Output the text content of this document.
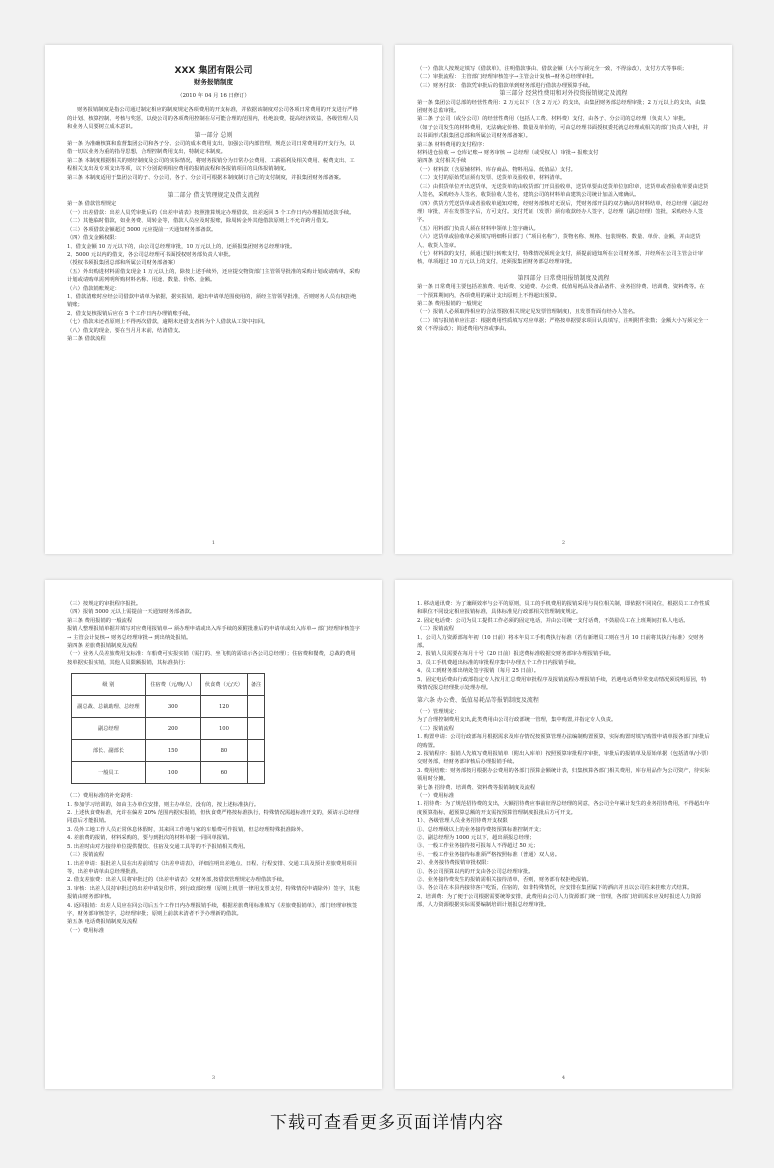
XXX 集团有限公司

财务报销制度

（2010 年 04 月 16 日修订）

财务报销制度是指公司通过制定相应的制度规定各项费用的开支标准，并依据该制度对公司各项日常费用的开支进行严格的计划、核算控制、考核与奖惩，以使公司的各项费用控制在尽可能合理的范围内，杜绝浪费，提高经济效益，各级管理人员和业务人员要树立成本意识。

第一部分 总则

第一条 为准确核算和监督集团公司和各子分、公司的成本费用支出，加强公司内部管理，规范公司日常费用的开支行为，以借一切以业务为重的指导思想，合理控制费用支出，特制定本制度。

第二条 本制度根据相关的财经制度及公司的实际情况，将财务报销分为日常办公费用、工薪福利及相关费用、税费支出、工程相关支出及专项支出等项，以下分别说明相应费用的报销流程和各报销项目的具体报销制度。

第三条 本制度适用于集团公司的子、分公司，各子、分公司可根据本制度制订自己的支付制度，并报集团财务部备案。

第二部分 借支管理规定及借支流程

第一条 借款管理规定

（一）出差借款：出差人员凭审批后的《出差申请表》按照推算规定办理借款，出差返回 5 个工作日内办理报销还款手续。

（二）其他临时借款，如业务费、周转金等，借款人员应及时报账，除周转金外其他借款原则上不允许跨月借支。

（三）各项借款金额超过 5000 元应提前一天通知财务部备款。

（四）借支金额权限：

1、借支金额 10 万元以下的，由公司总经理审批，10 万元以上的，还须报集团财务总经理审批。

2、5000 元以内的借支，各公司总经理可书面授权财务部负责人审批。

（授权书须报集团总部和所属公司财务部备案）

（五）外出购进材料需借支现金 1 万元以上的，除按上述手续外，还应提交物资部门主管领导批准的采购计划或请购单，采购计划或请购单需列明所购材料名称、用途、数量、价格、金额。

（六）借款销账规定：

1、借款清账时应经公司借款申请单为依据，据实报销，超出申请单范围使用的，须经主管领导批准，否则财务人员有权拒绝销账；

2、借支复核报销后应在 5 个工作日内办理销账手续。

（七）借款未还者原则上不得再次借款，逾期未还借支者转为个人借款从工资中扣回。

（八）借支的现金，要在当月月末前，结清借支。

第二条 借款流程

1

（一）借款人按规定填写《借款单》，注明借款事由、借款金额（大小写须完全一致，不得涂改），支付方式等事项；

（二）审批流程： 主管部门经理审核签字→主管会计复核→财务总经理审批。

（三）财务付款： 借款凭审批后的借款单到财务部进行借款办理预算手续。

第三部分 经营性费用和对外投资报销规定及流程

第一条 集团公司总部的经营性费用：2 万元以下（含 2 万元）的支出，由集团财务部总经理审批；2 万元以上的支出，由集团财务总监审批。

第二条 子公司（或分公司）的经营性费用（包括人工费、材料费）支付，由各子、分公司的总经理（负责人）审批。

（如子公司发生的材料费用，无法确定价格、数量及单价的，可由总经理书面授权委托就总经理或相关的部门负责人审批，并以书面形式报集团总部和所属公司财务部备案）。

第三条 材料费用的支付程序：

材料进仓验收 → 仓库记账→ 财务审核 → 总经理（或受权人）审批→ 报账支付

第四条 支付相关手续

（一）材料款（含原辅材料、库存商品、物料用品、低值品）支付。

（二）支付的原始凭证须有发票、送货单及验收单，材料清单。

（三）由供货单位开出送货单，无送货单的由收货部门开具验收单，送货单要由送货单位加印章，送货单或者验收单要由送货人签名，采购经办人签名，收货验收人签名，建筑公司的材料单由建筑公司统计加盖入账确认。

（四）供货方凭送货单或者验收单通知对账，经财务部核对无误后，凭财务部开具的双方确认的材料结单，经总经理（副总经理）审批，并在发票签字后，方可支付。支付凭证（发票）须有收款经办人签字，总经理（副总经理）签批，采购经办人签字。

（五）用料部门负责人须在材料申领单上签字确认。

（六）送货单或验收单必须填写明细科目部门（“项目名称”），货物名称、规格、包装规格、数量、单价、金额，并由送货人、收货人签章。

（七）材料款的支付，须通过银行转账支付，特殊情况须现金支付，须提前通知所在公司财务部，并经所在公司主管会计审核，单项超过 10 万元以上的支付，还须报集团财务部总经理审批。

第四部分 日常费用报销制度及流程

第一条 日常费用主要包括差旅费、电话费、交通费、办公费、低值易耗品及备品备件、业务招待费、培训费、资料费等。在一个预算期间内，各项费用的累计支出原则上不得超出预算。

第二条 费用报销的一般规定

（一）报销人必须取得相应的合法票据(相关规定见发票管理制度)，且发票背面有经办人签名。

（二）填写报销单应注意：根据费用性质填写对应单据；严格按单据要求项目认真填写，注明附件张数；金额大小写须完全一致（不得涂改）；简述费用内容或事由。

2

（三）按规定的审批程序报批。

（四）报销 5000 元以上需提前一天通知财务部备款。

第三条 费用报销的一般流程

报销人整理报销单据并填写对应费用报销单→ 须办理申请或出入库手续的须附批准后的申请单或出入库单→ 部门经理审核签字→ 主管会计复核→ 财务总经理审批→ 到出纳处报销。

第四条 差旅费报销制度及流程

（一）业务人员差旅费用支标准：车船费可实报实销（需打的、坐飞机的需请示各公司总经理）；住宿费和餐费，总裁的费用按单据实报实销，其他人员限额报销，其标准执行：

级 别	住宿费（元/晚/人）	伙食费（元/天）	备注
副总裁、总裁助理、总经理	300	120	
副总经理	200	100	
部长、副部长	150	80	
一般员工	100	60	

（二）费用标准的补充说明：

1. 参加学习培训的，如由主办单位安排，则主办单位，没有的，按上述标准执行。

2. 上述伙食费标准，允许在偏差 20% 范围内据实报销，但伙食费严格按标准执行，特殊情况需超标准开支的，须请示总经理同意后才能报销。

3. 员外工地工作人员正常休息休假时，其来回工作地与家的车船费可作报销，但总经理特殊批准除外。

4. 差旅费的报销，材料采购的，要与到批次的材料单据一同回单报销。

5. 出差时由对方接待单位提供餐饮、住宿及交通工具等的不予报销相关费用。

（三）报销流程

1. 出差申请：报批差人员在出差前填写《出差申请表》，详细注明出差地点、日程、行程安排、交通工具及预计差旅费用项目等，出差申请单由总经理批准。

2. 借支差旅费：出差人员将审批过的《出差申请表》交财务部,按借款管理规定办理借款手续。

3. 审核：出差人员持审批过的出差申请复印件，到行政部经理（原则上机票一律用支票支付，特殊情况申请除外）签字，其他报销由财务部审核。

4. 返回报销：出差人员应在回公司后五个工作日内办理报销手续，根据差旅费用标准填写《差旅费报销单》，部门经理审核签字，财务部审核签字，总经理审批；原则上前款未清者不予办理新的借款。

第五条 电话费报销制度及流程

（一）费用标准

3

1. 移动通讯费：为了兼顾效率与公平的原则，员工的手机费用的报销采用与岗位相关制，即依据不同岗位，根据员工工作性质和职位不同设定相应报销标准，具体标准见行政部相关管理制度规定。

2. 固定电话费：公司为员工提供工作必须的固定电话，并由公司统一支付话费，不鼓励员工在上班期间打私人电话。

（二）报销流程

1、公司人力资源部每年初（10 日前）将本年员工手机费执行标准（若有新增员工则在当月 10 日前将其执行标准）交财务部。

2、报销人员需要在每月十号（20 日前）报送费标准收据交财务部审办理报销手续。

3、员工手机费超出标准的审批程序集中办理五个工作日内报销手续。

4、员工到财务部出纳处签字报销（每月 25 日前）。

5、固定电话费由行政部指定专人按月汇总费用审批程序及报销流程办理报销手续，若遇电话费异常变动情况须说明原因，特殊情况报总经理批示处理办理。

第六条 办公费、低值易耗品等报销制度及流程

（一）管理规定：

为了合理控制费用支出,此类费用由公司行政部统一管理，集中购置,并指定专人负责。

（二）报销流程

1. 购置申请：公司行政部每月根据需求及库存情况按预算管理办法编制购置预算，实际购置时填写购置申请单报各部门审批后的购置。

2. 报销程序：报销人先填写费用报销单（附出入库单）按照预算审批程序审批，审批后的报销单及原始单据（包括清单/小票）交财务部，经财务部审核后办理报销手续。

3. 费用结账：财务部按月根据办公费用的各部门预算金额统计表，归集核算各部门相关费用，库存用品作为公司资产，待实际领用时分摊。

第七条 招待费、培训费、资料费等报销制度及流程

（一）费用标准

1. 招待费：为了规范招待费的支出，大额招待费应事前征得总经理的同意，各公司全年累计发生的业务招待费用，不得超出年度预算指标，超预算总额的开支需按预算管理制度报批后方可开支。

1）、各级管理人员业务招待费开支权限

①、总经理级以上的业务接待费按预算标准控制开支；

②、副总经理为 1000 元以下，超出须报总经理；

③、一般工作业务接待按可报每人不得超过 50 元；

④、一般工作业务接待标准须严格按照标准（普通）双人房。

2）、业务接待费报销审批权限：

①、各公司预算以内的开支由各公司总经理审批。

②、业务接待费发生的报销需相关接待清单，否则，财务部有权拒绝报销。

③、各公司在本县内接待客户吃饭，住宿的，如非特殊情况，应安排在集团属下的酒店并且以公司往来挂账方式结算。

2、培训费：为了便于公司根据需要统筹安排，此费用由公司人力资源部门统一管理，各部门培训需求应及时报送人力资源部，人力资源根据实际需要编制培训计划报总经理审批。

4
下载可查看更多页面详情内容
